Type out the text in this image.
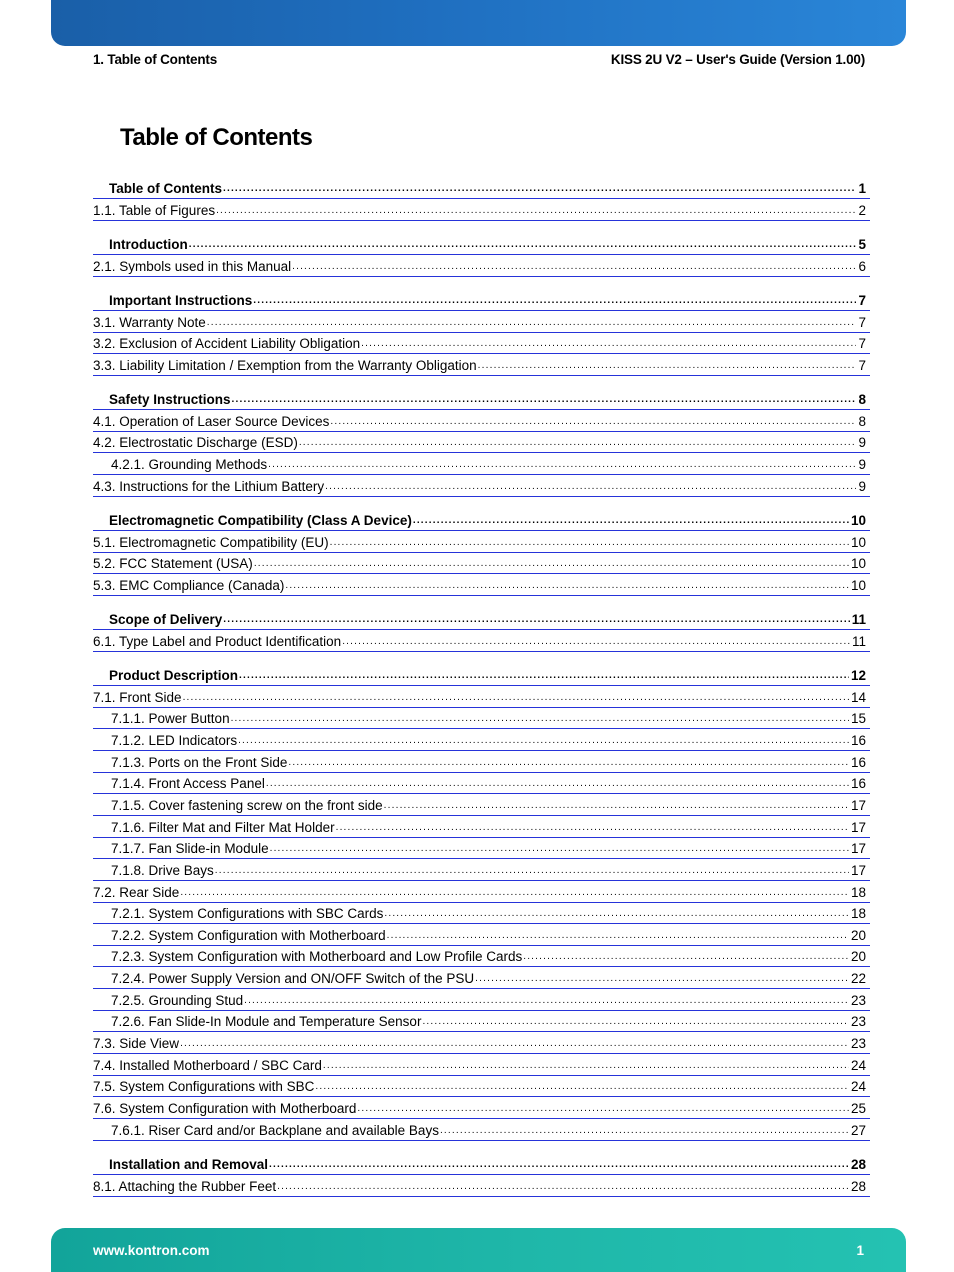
1. Table of Contents	KISS 2U V2 – User's Guide (Version 1.00)
Table of Contents
Table of Contents .....	1
1.1. Table of Figures .....	2
Introduction .....	5
2.1. Symbols used in this Manual .....	6
Important Instructions .....	7
3.1. Warranty Note .....	7
3.2. Exclusion of Accident Liability Obligation .....	7
3.3. Liability Limitation / Exemption from the Warranty Obligation .....	7
Safety Instructions .....	8
4.1. Operation of Laser Source Devices .....	8
4.2. Electrostatic Discharge (ESD) .....	9
4.2.1. Grounding Methods .....	9
4.3. Instructions for the Lithium Battery .....	9
Electromagnetic Compatibility (Class A Device) .....	10
5.1. Electromagnetic Compatibility (EU) .....	10
5.2. FCC Statement (USA) .....	10
5.3. EMC Compliance (Canada) .....	10
Scope of Delivery .....	11
6.1. Type Label and Product Identification .....	11
Product Description .....	12
7.1. Front Side .....	14
7.1.1. Power Button .....	15
7.1.2. LED Indicators .....	16
7.1.3. Ports on the Front Side .....	16
7.1.4. Front Access Panel .....	16
7.1.5. Cover fastening screw on the front side .....	17
7.1.6. Filter Mat and Filter Mat Holder .....	17
7.1.7. Fan Slide-in Module .....	17
7.1.8. Drive Bays .....	17
7.2. Rear Side .....	18
7.2.1. System Configurations with SBC Cards .....	18
7.2.2. System Configuration with Motherboard .....	20
7.2.3. System Configuration with Motherboard and Low Profile Cards .....	20
7.2.4. Power Supply Version and ON/OFF Switch of the PSU .....	22
7.2.5. Grounding Stud .....	23
7.2.6. Fan Slide-In Module and Temperature Sensor .....	23
7.3. Side View .....	23
7.4. Installed Motherboard / SBC Card .....	24
7.5. System Configurations with SBC .....	24
7.6. System Configuration with Motherboard .....	25
7.6.1. Riser Card and/or Backplane and available Bays .....	27
Installation and Removal .....	28
8.1. Attaching the Rubber Feet .....	28
www.kontron.com	1
